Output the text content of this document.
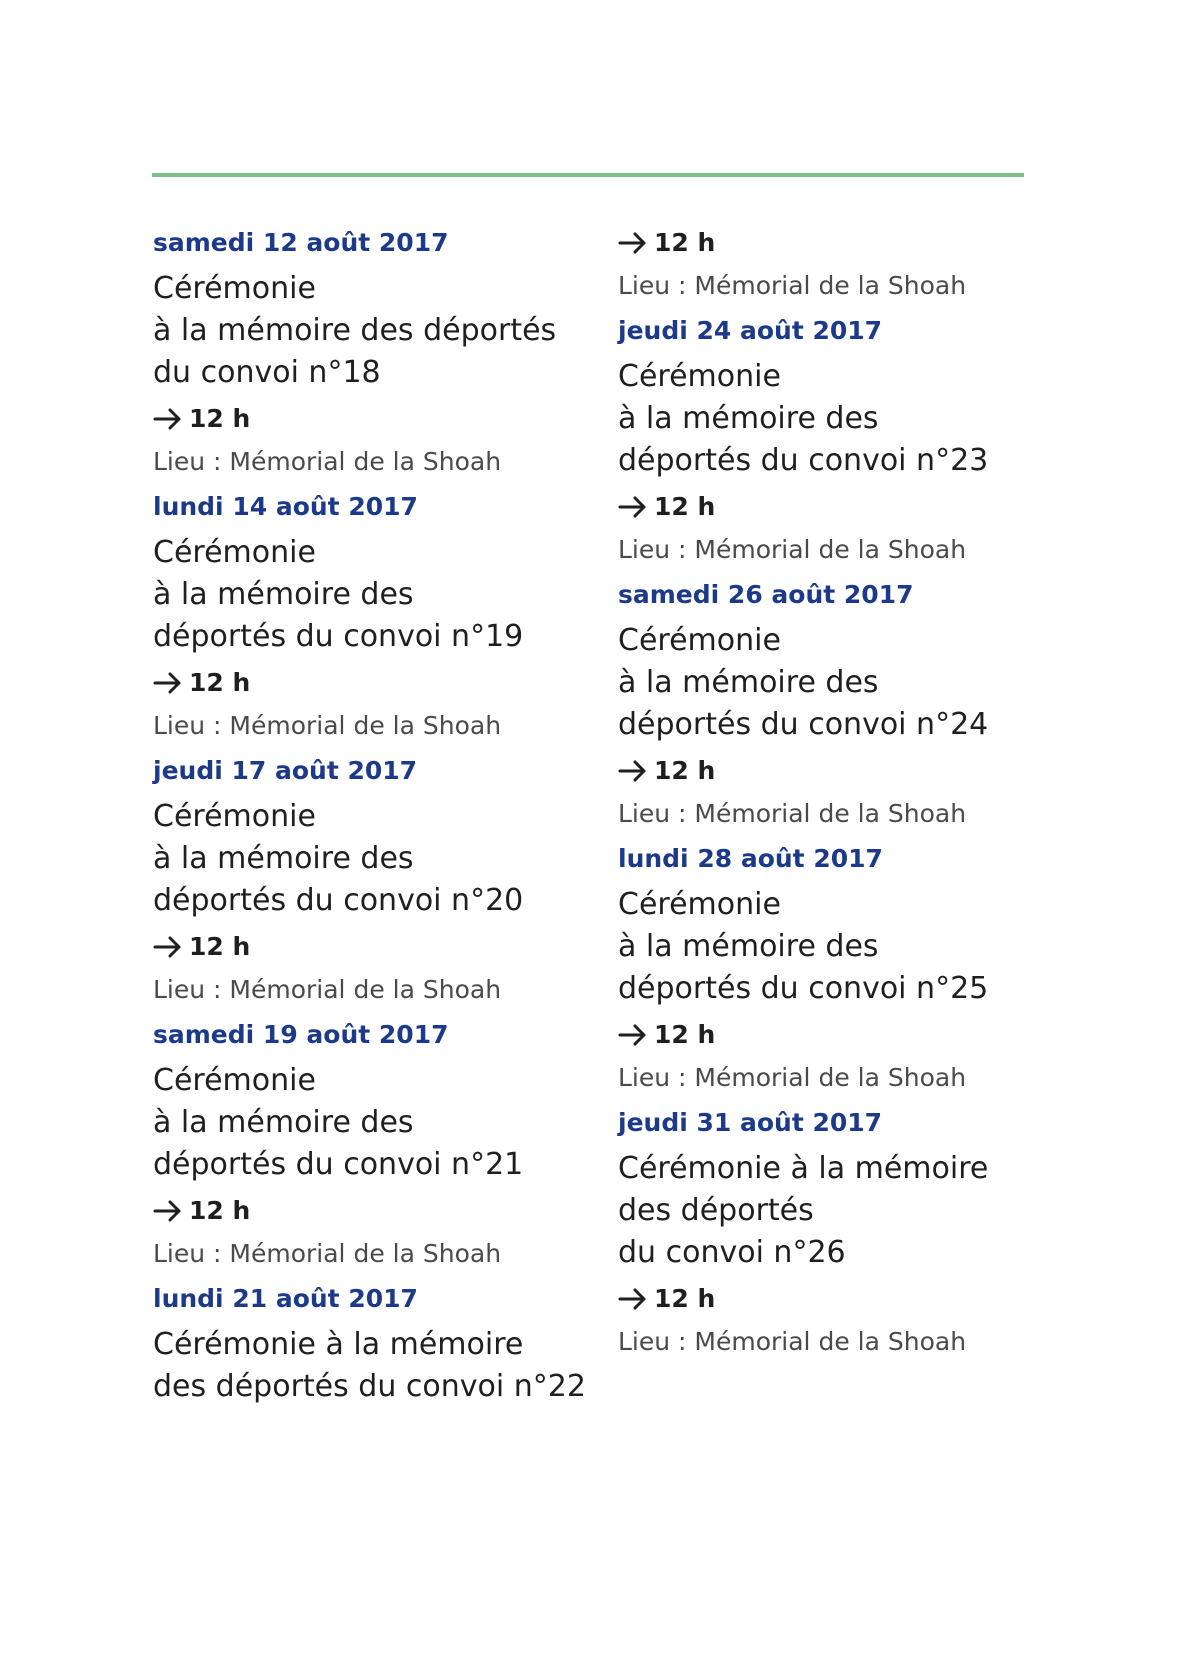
samedi 12 août 2017
Cérémonie
à la mémoire des déportés
du convoi n°18
12 h
Lieu : Mémorial de la Shoah
lundi 14 août 2017
Cérémonie
à la mémoire des
déportés du convoi n°19
12 h
Lieu : Mémorial de la Shoah
jeudi 17 août 2017
Cérémonie
à la mémoire des
déportés du convoi n°20
12 h
Lieu : Mémorial de la Shoah
samedi 19 août 2017
Cérémonie
à la mémoire des
déportés du convoi n°21
12 h
Lieu : Mémorial de la Shoah
lundi 21 août 2017
Cérémonie à la mémoire
des déportés du convoi n°22
12 h
Lieu : Mémorial de la Shoah
jeudi 24 août 2017
Cérémonie
à la mémoire des
déportés du convoi n°23
12 h
Lieu : Mémorial de la Shoah
samedi 26 août 2017
Cérémonie
à la mémoire des
déportés du convoi n°24
12 h
Lieu : Mémorial de la Shoah
lundi 28 août 2017
Cérémonie
à la mémoire des
déportés du convoi n°25
12 h
Lieu : Mémorial de la Shoah
jeudi 31 août 2017
Cérémonie à la mémoire
des déportés
du convoi n°26
12 h
Lieu : Mémorial de la Shoah
